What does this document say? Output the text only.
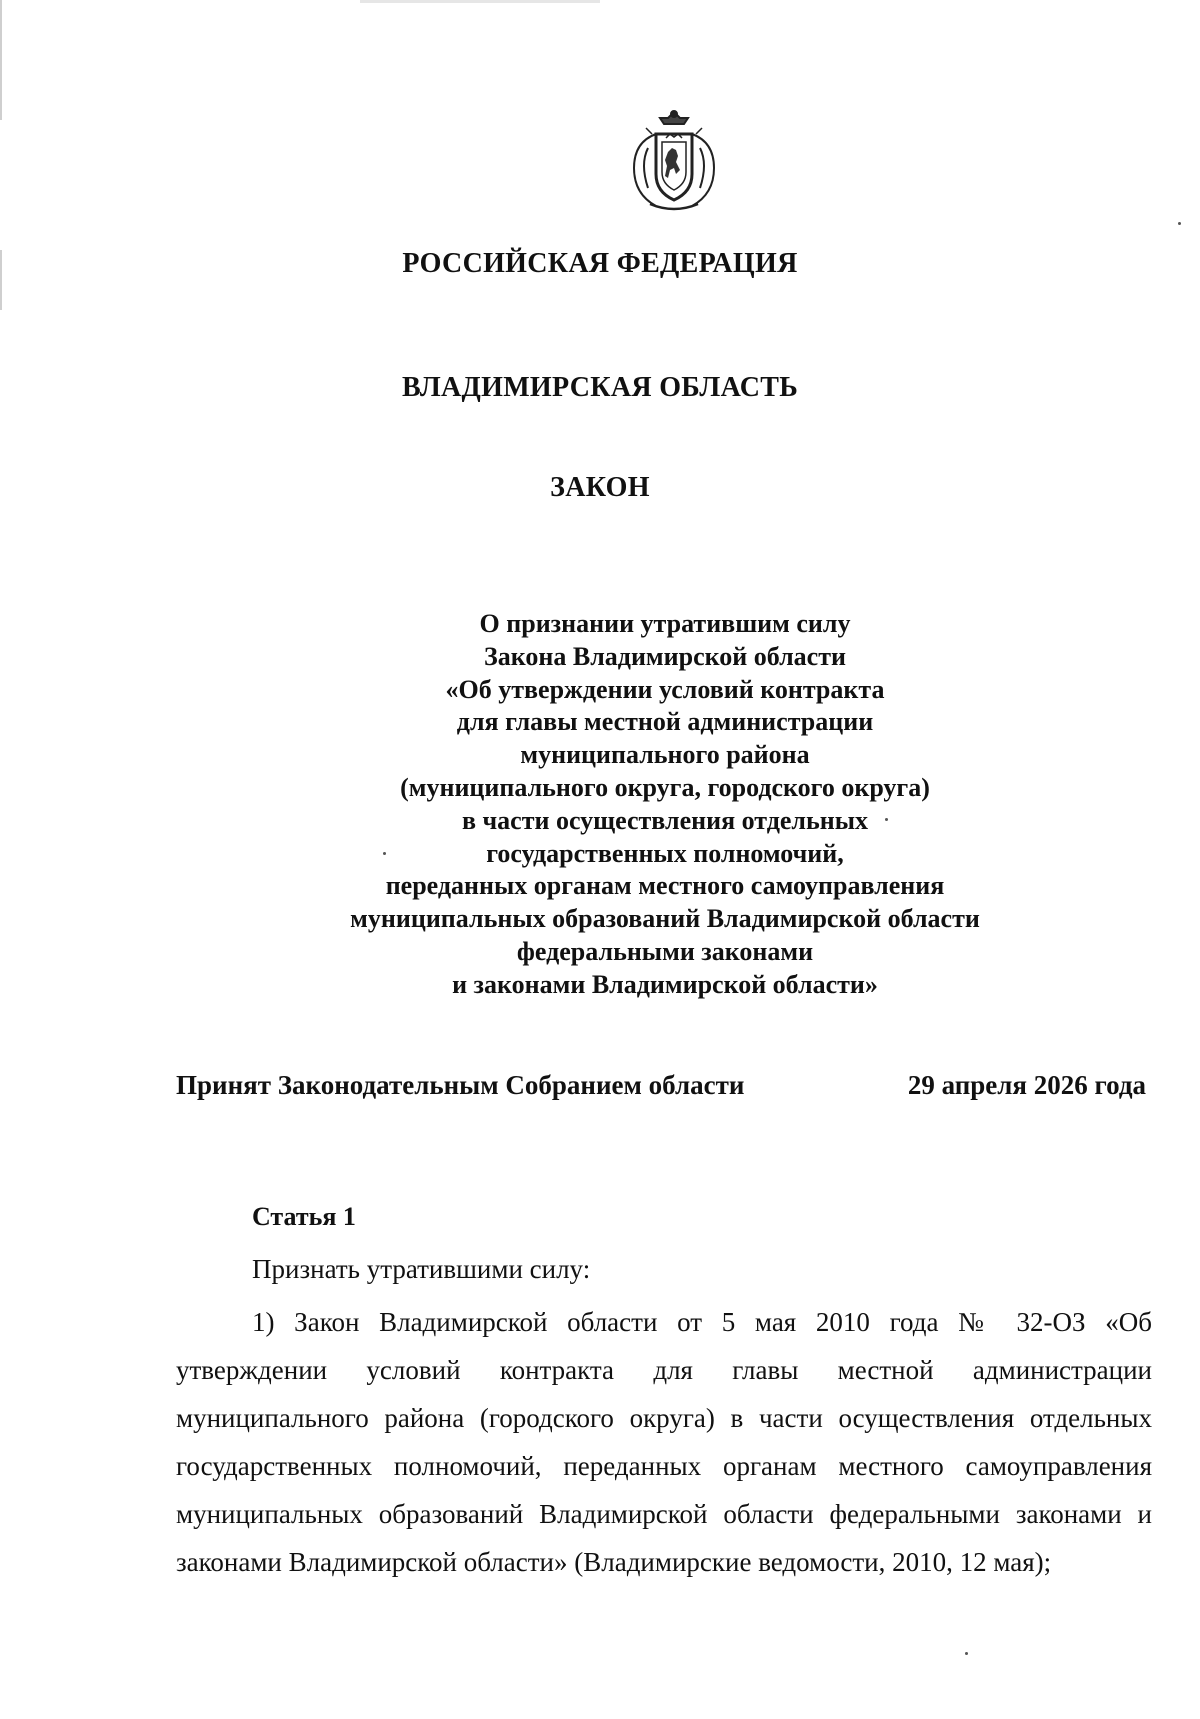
РОССИЙСКАЯ ФЕДЕРАЦИЯ
ВЛАДИМИРСКАЯ ОБЛАСТЬ
ЗАКОН
О признании утратившим силу
Закона Владимирской области
«Об утверждении условий контракта
для главы местной администрации
муниципального района
(муниципального округа, городского округа)
в части осуществления отдельных
государственных полномочий,
переданных органам местного самоуправления
муниципальных образований Владимирской области
федеральными законами
и законами Владимирской области»
Принят Законодательным Собранием области	29 апреля 2026 года
Статья 1
Признать утратившими силу:
1) Закон Владимирской области от 5 мая 2010 года № 32-ОЗ «Об утверждении условий контракта для главы местной администрации муниципального района (городского округа) в части осуществления отдельных государственных полномочий, переданных органам местного самоуправления муниципальных образований Владимирской области федеральными законами и законами Владимирской области» (Владимирские ведомости, 2010, 12 мая);
